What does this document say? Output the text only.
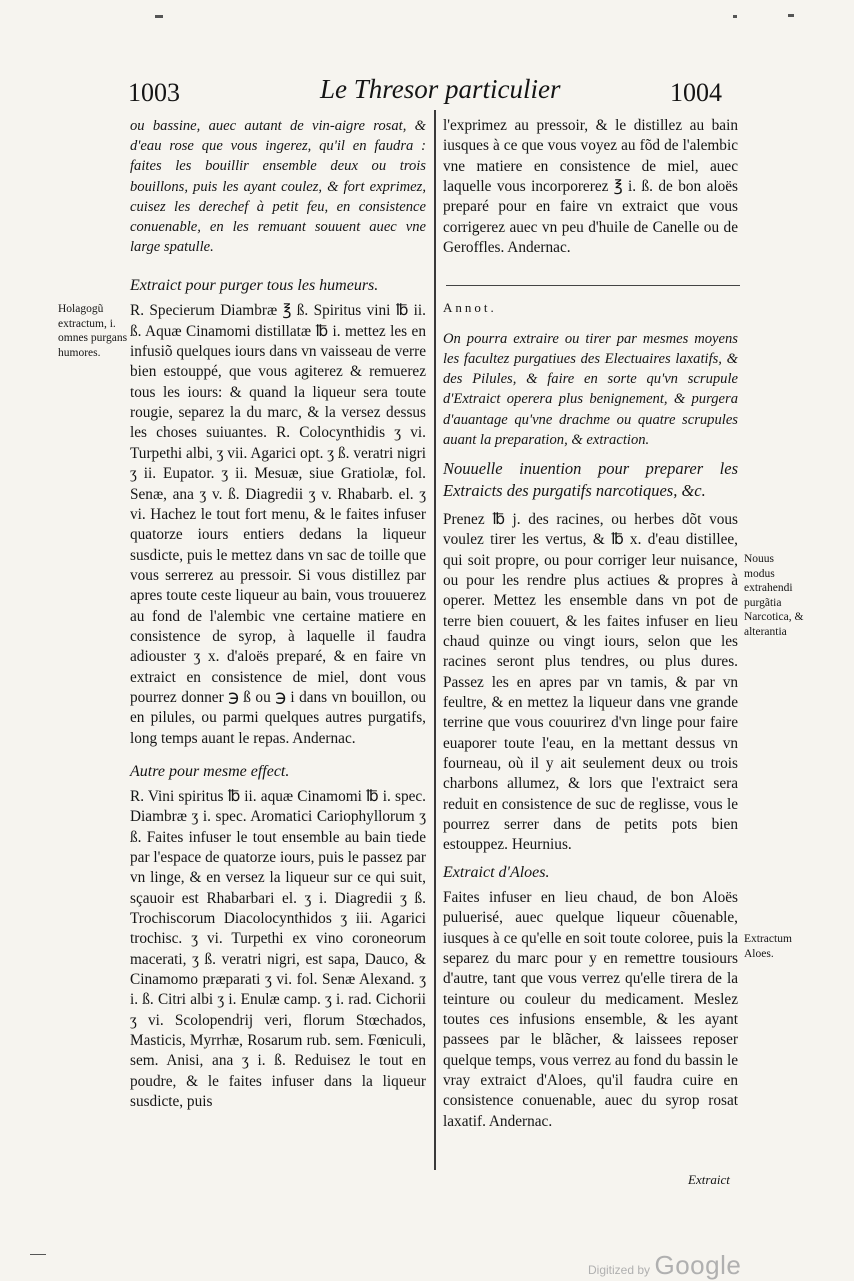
1003	Le Thresor particulier	1004

ou bassine, auec autant de vin-aigre rosat, & d'eau rose que vous ingerez, qu'il en faudra : faites les bouillir ensemble deux ou trois bouillons, puis les ayant coulez, & fort exprimez, cuisez les derechef à petit feu, en consistence conuenable, en les remuant souuent auec vne large spatulle.

Extraict pour purger tous les humeurs.

R. Specierum Diambræ ℥ ß. Spiritus vini ℔ ii. ß. Aquæ Cinamomi distillatæ ℔ i. mettez les en infusiõ quelques iours dans vn vaisseau de verre bien estouppé, que vous agiterez & remuerez tous les iours: & quand la liqueur sera toute rougie, separez la du marc, & la versez dessus les choses suiuantes. R. Colocynthidis ʒ vi. Turpethi albi, ʒ vii. Agarici opt. ʒ ß. veratri nigri ʒ ii. Eupator. ʒ ii. Mesuæ, siue Gratiolæ, fol. Senæ, ana ʒ v. ß. Diagredii ʒ v. Rhabarb. el. ʒ vi. Hachez le tout fort menu, & le faites infuser quatorze iours entiers dedans la liqueur susdicte, puis le mettez dans vn sac de toille que vous serrerez au pressoir. Si vous distillez par apres toute ceste liqueur au bain, vous trouuerez au fond de l'alembic vne certaine matiere en consistence de syrop, à laquelle il faudra adiouster ʒ x. d'aloës preparé, & en faire vn extraict en consistence de miel, dont vous pourrez donner ℈ ß ou ℈ i dans vn bouillon, ou en pilules, ou parmi quelques autres purgatifs, long temps auant le repas. Andernac.

Autre pour mesme effect.

R. Vini spiritus ℔ ii. aquæ Cinamomi ℔ i. spec. Diambræ ʒ i. spec. Aromatici Cariophyllorum ʒ ß. Faites infuser le tout ensemble au bain tiede par l'espace de quatorze iours, puis le passez par vn linge, & en versez la liqueur sur ce qui suit, sçauoir est Rhabarbari el. ʒ i. Diagredii ʒ ß. Trochiscorum Diacolocynthidos ʒ iii. Agarici trochisc. ʒ vi. Turpethi ex vino coroneorum macerati, ʒ ß. veratri nigri, est sapa, Dauco, & Cinamomo præparati ʒ vi. fol. Senæ Alexand. ʒ i. ß. Citri albi ʒ i. Enulæ camp. ʒ i. rad. Cichorii ʒ vi. Scolopendrij veri, florum Stœchados, Masticis, Myrrhæ, Rosarum rub. sem. Fœniculi, sem. Anisi, ana ʒ i. ß. Reduisez le tout en poudre, & le faites infuser dans la liqueur susdicte, puis

l'exprimez au pressoir, & le distillez au bain iusques à ce que vous voyez au fõd de l'alembic vne matiere en consistence de miel, auec laquelle vous incorporerez ℥ i. ß. de bon aloës preparé pour en faire vn extraict que vous corrigerez auec vn peu d'huile de Canelle ou de Geroffles. Andernac.

Annot.

On pourra extraire ou tirer par mesmes moyens les facultez purgatiues des Electuaires laxatifs, & des Pilules, & faire en sorte qu'vn scrupule d'Extraict operera plus benignement, & purgera d'auantage qu'vne drachme ou quatre scrupules auant la preparation, & extraction.

Nouuelle inuention pour preparer les Extraicts des purgatifs narcotiques, &c.

Prenez ℔ j. des racines, ou herbes dõt vous voulez tirer les vertus, & ℔ x. d'eau distillee, qui soit propre, ou pour corriger leur nuisance, ou pour les rendre plus actiues & propres à operer. Mettez les ensemble dans vn pot de terre bien couuert, & les faites infuser en lieu chaud quinze ou vingt iours, selon que les racines seront plus tendres, ou plus dures. Passez les en apres par vn tamis, & par vn feultre, & en mettez la liqueur dans vne grande terrine que vous couurirez d'vn linge pour faire euaporer toute l'eau, en la mettant dessus vn fourneau, où il y ait seulement deux ou trois charbons allumez, & lors que l'extraict sera reduit en consistence de suc de reglisse, vous le pourrez serrer dans de petits pots bien estouppez. Heurnius.

Extraict d'Aloes.

Faites infuser en lieu chaud, de bon Aloës puluerisé, auec quelque liqueur cõuenable, iusques à ce qu'elle en soit toute coloree, puis la separez du marc pour y en remettre tousiours d'autre, tant que vous verrez qu'elle tirera de la teinture ou couleur du medicament. Meslez toutes ces infusions ensemble, & les ayant passees par le blãcher, & laissees reposer quelque temps, vous verrez au fond du bassin le vray extraict d'Aloes, qu'il faudra cuire en consistence conuenable, auec du syrop rosat laxatif. Andernac.

Extraict
Holagogũ extractum, i. omnes purgans humores.
Nouus modus extrahendi purgãtia Narcotica, & alterantia
Extractum Aloes.
Digitized by Google
